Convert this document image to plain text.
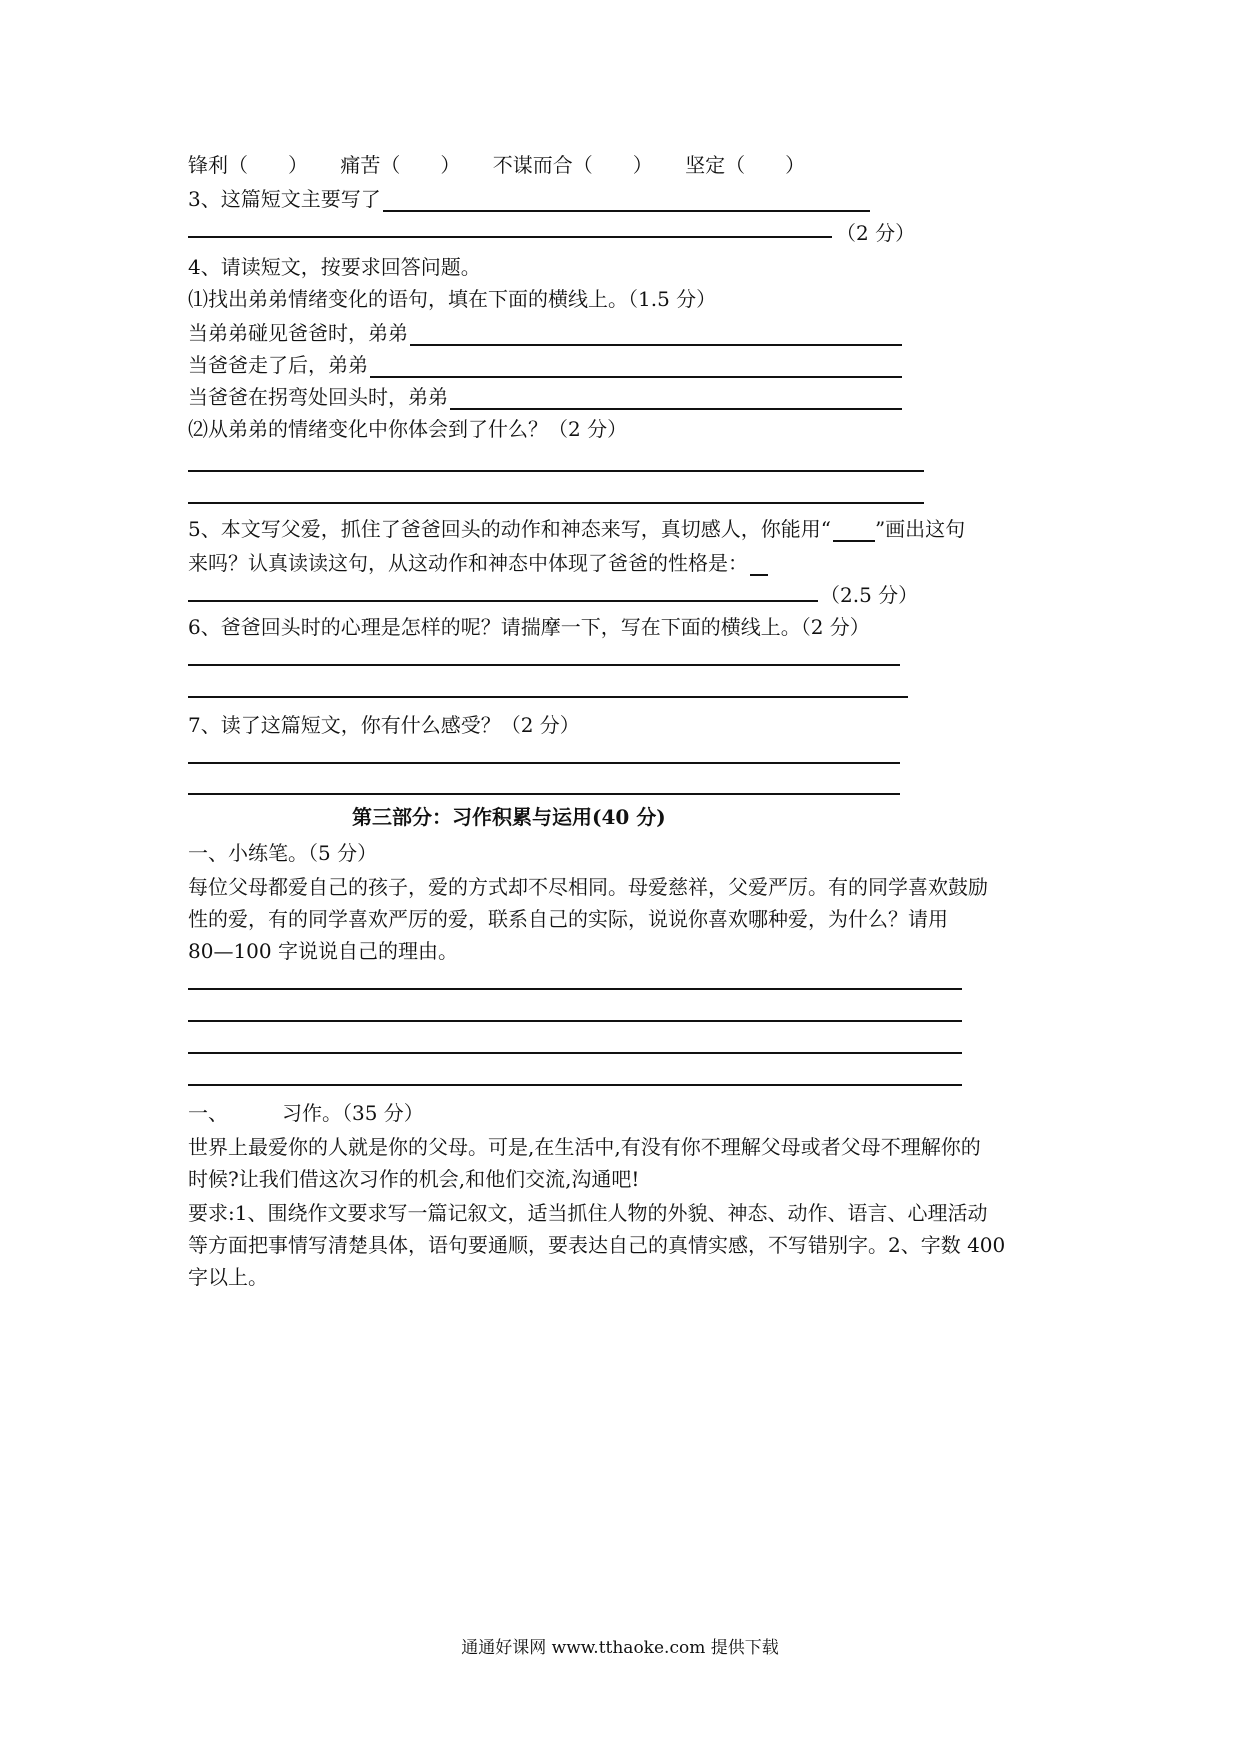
锋利（　　） 痛苦（　　） 不谋而合（　　） 坚定（　　）
3、这篇短文主要写了
（2 分）
4、请读短文，按要求回答问题。
⑴找出弟弟情绪变化的语句，填在下面的横线上。（1.5 分）
当弟弟碰见爸爸时，弟弟
当爸爸走了后，弟弟
当爸爸在拐弯处回头时，弟弟
⑵从弟弟的情绪变化中你体会到了什么？（2 分）
5、本文写父爱，抓住了爸爸回头的动作和神态来写，真切感人，你能用“ ”画出这句
来吗？认真读读这句，从这动作和神态中体现了爸爸的性格是：
（2.5 分）
6、爸爸回头时的心理是怎样的呢？请揣摩一下，写在下面的横线上。（2 分）
7、读了这篇短文，你有什么感受？（2 分）
第三部分：习作积累与运用(40 分)
一、小练笔。（5 分）
每位父母都爱自己的孩子，爱的方式却不尽相同。母爱慈祥，父爱严厉。有的同学喜欢鼓励
性的爱，有的同学喜欢严厉的爱，联系自己的实际，说说你喜欢哪种爱，为什么？请用
80—100 字说说自己的理由。
一、	习作。（35 分）
世界上最爱你的人就是你的父母。可是,在生活中,有没有你不理解父母或者父母不理解你的
时候?让我们借这次习作的机会,和他们交流,沟通吧!
要求:1、围绕作文要求写一篇记叙文，适当抓住人物的外貌、神态、动作、语言、心理活动
等方面把事情写清楚具体，语句要通顺，要表达自己的真情实感，不写错别字。2、字数 400
字以上。
通通好课网 www.tthaoke.com 提供下载
